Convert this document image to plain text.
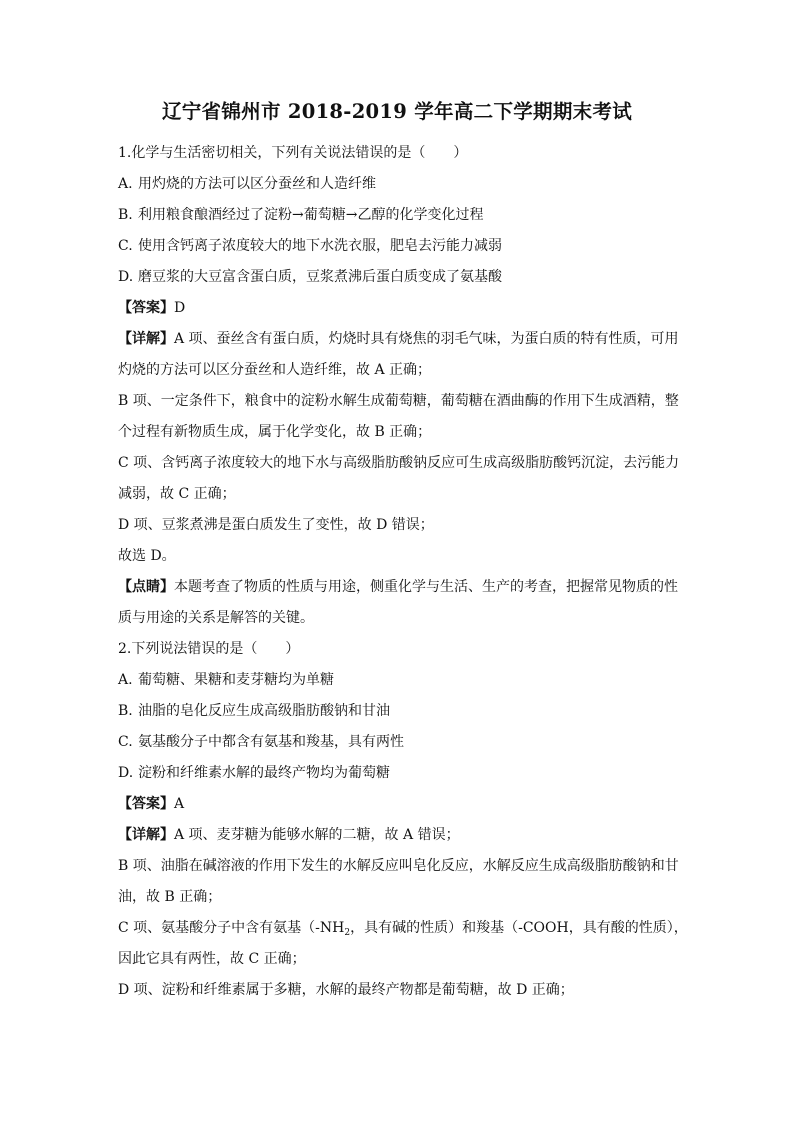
辽宁省锦州市 2018-2019 学年高二下学期期末考试

1.化学与生活密切相关，下列有关说法错误的是（　　）

A. 用灼烧的方法可以区分蚕丝和人造纤维

B. 利用粮食酿酒经过了淀粉→葡萄糖→乙醇的化学变化过程

C. 使用含钙离子浓度较大的地下水洗衣服，肥皂去污能力减弱

D. 磨豆浆的大豆富含蛋白质，豆浆煮沸后蛋白质变成了氨基酸

【答案】D

【详解】A 项、蚕丝含有蛋白质，灼烧时具有烧焦的羽毛气味，为蛋白质的特有性质，可用

灼烧的方法可以区分蚕丝和人造纤维，故 A 正确；

B 项、一定条件下，粮食中的淀粉水解生成葡萄糖，葡萄糖在酒曲酶的作用下生成酒精，整

个过程有新物质生成，属于化学变化，故 B 正确；

C 项、含钙离子浓度较大的地下水与高级脂肪酸钠反应可生成高级脂肪酸钙沉淀，去污能力

减弱，故 C 正确；

D 项、豆浆煮沸是蛋白质发生了变性，故 D 错误；

故选 D。

【点睛】本题考查了物质的性质与用途，侧重化学与生活、生产的考查，把握常见物质的性

质与用途的关系是解答的关键。

2.下列说法错误的是（　　）

A. 葡萄糖、果糖和麦芽糖均为单糖

B. 油脂的皂化反应生成高级脂肪酸钠和甘油

C. 氨基酸分子中都含有氨基和羧基，具有两性

D. 淀粉和纤维素水解的最终产物均为葡萄糖

【答案】A

【详解】A 项、麦芽糖为能够水解的二糖，故 A 错误；

B 项、油脂在碱溶液的作用下发生的水解反应叫皂化反应，水解反应生成高级脂肪酸钠和甘

油，故 B 正确；

C 项、氨基酸分子中含有氨基（$-NH_2$，具有碱的性质）和羧基（-COOH，具有酸的性质），

因此它具有两性，故 C 正确；

D 项、淀粉和纤维素属于多糖，水解的最终产物都是葡萄糖，故 D 正确；
